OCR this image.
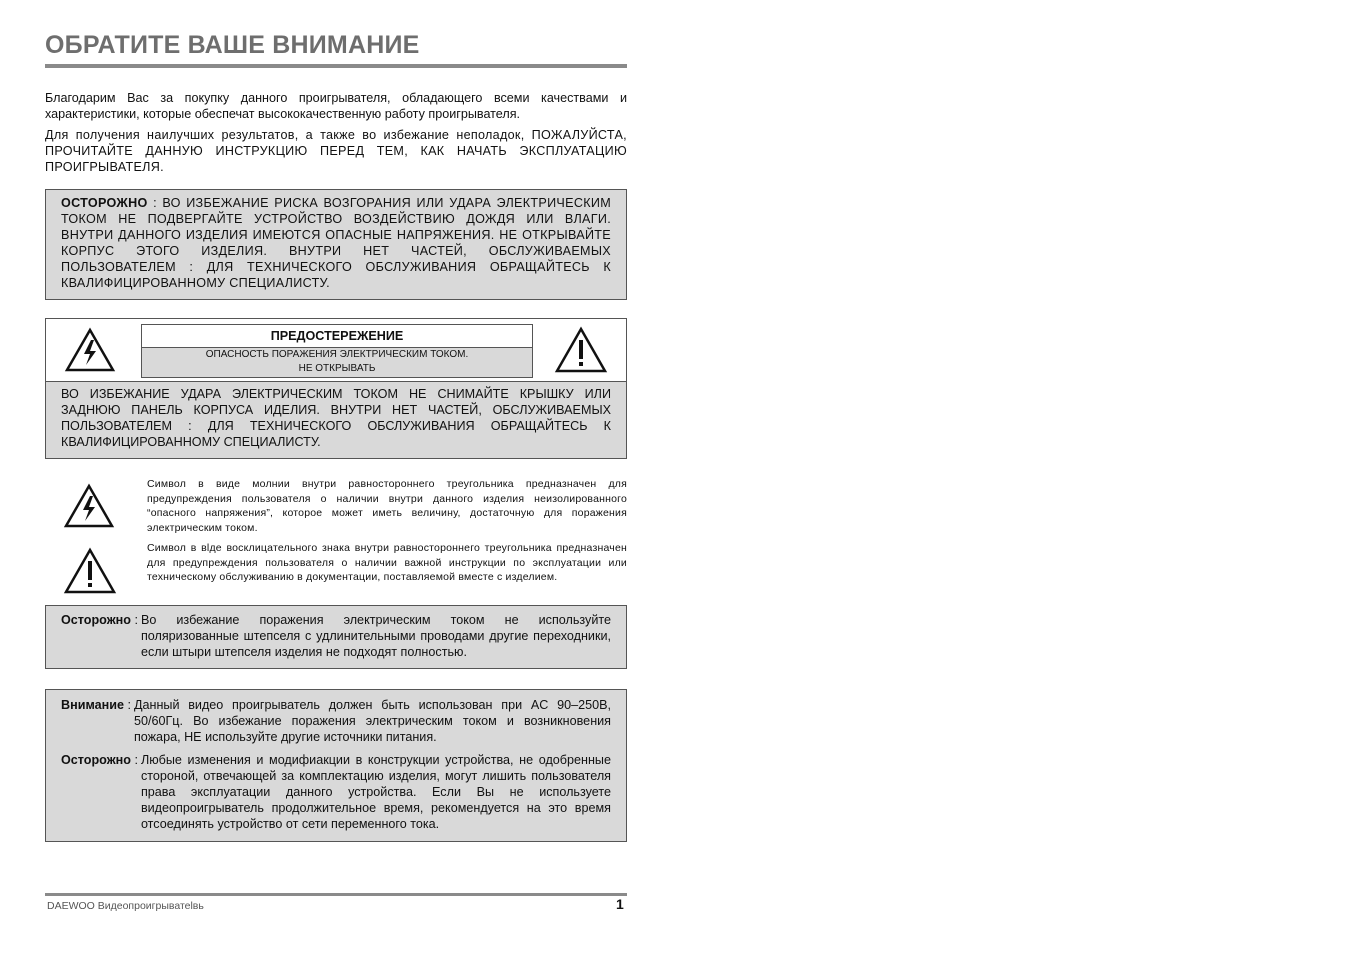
ОБРАТИТЕ ВАШЕ ВНИМАНИЕ
Благодарим Вас за покупку данного проигрывателя, обладающего всеми качествами и характеристики, которые обеспечат высококачественную работу проигрывателя.
Для получения наилучших результатов, а также во избежание неполадок, ПОЖАЛУЙСТА, ПРОЧИТАЙТЕ ДАННУЮ ИНСТРУКЦИЮ ПЕРЕД ТЕМ, КАК НАЧАТЬ ЭКСПЛУАТАЦИЮ ПРОИГРЫВАТЕЛЯ.
ОСТОРОЖНО : ВО ИЗБЕЖАНИЕ РИСКА ВОЗГОРАНИЯ ИЛИ УДАРА ЭЛЕКТРИЧЕСКИМ ТОКОМ НЕ ПОДВЕРГАЙТЕ УСТРОЙСТВО ВОЗДЕЙСТВИЮ ДОЖДЯ ИЛИ ВЛАГИ. ВНУТРИ ДАННОГО ИЗДЕЛИЯ ИМЕЮТСЯ ОПАСНЫЕ НАПРЯЖЕНИЯ. НЕ ОТКРЫВАЙТЕ КОРПУС ЭТОГО ИЗДЕЛИЯ. ВНУТРИ НЕТ ЧАСТЕЙ, ОБСЛУЖИВАЕМЫХ ПОЛЬЗОВАТЕЛЕМ : ДЛЯ ТЕХНИЧЕСКОГО ОБСЛУЖИВАНИЯ ОБРАЩАЙТЕСЬ К КВАЛИФИЦИРОВАННОМУ СПЕЦИАЛИСТУ.
ПРЕДОСТЕРЕЖЕНИЕ
ОПАСНОСТЬ ПОРАЖЕНИЯ ЭЛЕКТРИЧЕСКИМ ТОКОМ.
НЕ ОТКРЫВАТЬ
ВО ИЗБЕЖАНИЕ УДАРА ЭЛЕКТРИЧЕСКИМ ТОКОМ НЕ СНИМАЙТЕ КРЫШКУ ИЛИ ЗАДНЮЮ ПАНЕЛЬ КОРПУСА ИДЕЛИЯ. ВНУТРИ НЕТ ЧАСТЕЙ, ОБСЛУЖИВАЕМЫХ ПОЛЬЗОВАТЕЛЕМ : ДЛЯ ТЕХНИЧЕСКОГО ОБСЛУЖИВАНИЯ ОБРАЩАЙТЕСЬ К КВАЛИФИЦИРОВАННОМУ СПЕЦИАЛИСТУ.
Символ в виде молнии внутри равностороннего треугольника предназначен для предупреждения пользователя о наличии внутри данного изделия неизолированного “опасного напряжения”, которое может иметь величину, достаточную для поражения электрическим током.
Символ в вlде восклицательного знака внутри равностороннего треугольника предназначен для предупреждения пользователя о наличии важной инструкции по эксплуатации или техническому обслуживанию в документации, поставляемой вместе с изделием.
Осторожно : Во избежание поражения электрическим током не используйте поляризованные штепселя с удлинительными проводами другие переходники, если штыри штепселя изделия не подходят полностью.
Внимание : Данный видео проигрыватель должен быть использован при AC 90–250В, 50/60Гц. Во избежание поражения электрическим током и возникновения пожара, НЕ используйте другие источники питания.
Осторожно : Любые изменения и модифиакции в конструкции устройства, не одобренные стороной, отвечающей за комплектацию изделия, могут лишить пользователя права эксплуатации данного устройства. Если Вы не используете видеопроигрыватель продолжительное время, рекомендуется на это время отсоединять устройство от сети переменного тока.
DAEWOO Видеопроигрыватеlвь	1
